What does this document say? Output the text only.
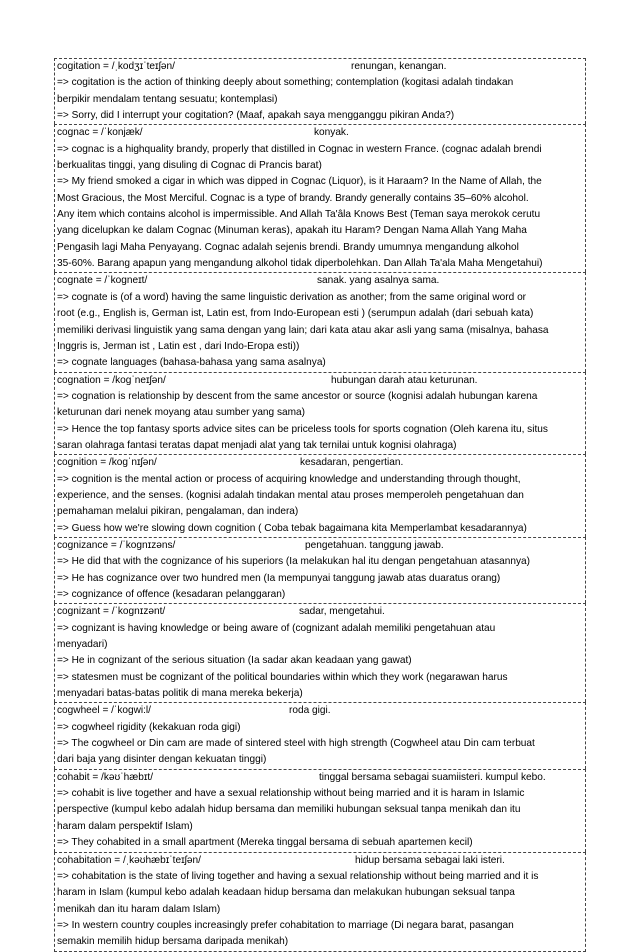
cogitation = /ˌkodʒɪˈteɪʃən/	renungan, kenangan.
=> cogitation is the action of thinking deeply about something; contemplation (kogitasi adalah tindakan
berpikir mendalam tentang sesuatu; kontemplasi)
=> Sorry, did I interrupt your cogitation? (Maaf, apakah saya mengganggu pikiran Anda?)
cognac = /ˈkonjæk/	konyak.
=> cognac is a highquality brandy, properly that distilled in Cognac in western France. (cognac adalah brendi
berkualitas tinggi, yang disuling di Cognac di Prancis barat)
=> My friend smoked a cigar in which was dipped in Cognac (Liquor), is it Haraam? In the Name of Allah, the
Most Gracious, the Most Merciful. Cognac is a type of brandy. Brandy generally contains 35–60% alcohol.
Any item which contains alcohol is impermissible. And Allah Ta'âla Knows Best (Teman saya merokok cerutu
yang dicelupkan ke dalam Cognac (Minuman keras), apakah itu Haram? Dengan Nama Allah Yang Maha
Pengasih lagi Maha Penyayang. Cognac adalah sejenis brendi. Brandy umumnya mengandung alkohol
35-60%. Barang apapun yang mengandung alkohol tidak diperbolehkan. Dan Allah Ta'ala Maha Mengetahui)
cognate = /ˈkogneɪt/	sanak. yang asalnya sama.
=> cognate is (of a word) having the same linguistic derivation as another; from the same original word or
root (e.g., English is, German ist, Latin est, from Indo-European esti ) (serumpun adalah (dari sebuah kata)
memiliki derivasi linguistik yang sama dengan yang lain; dari kata atau akar asli yang sama (misalnya, bahasa
Inggris is, Jerman ist , Latin est , dari Indo-Eropa esti))
=> cognate languages (bahasa-bahasa yang sama asalnya)
cognation = /kogˈneɪʃən/	hubungan darah atau keturunan.
=> cognation is relationship by descent from the same ancestor or source (kognisi adalah hubungan karena
keturunan dari nenek moyang atau sumber yang sama)
=> Hence the top fantasy sports advice sites can be priceless tools for sports cognation (Oleh karena itu, situs
saran olahraga fantasi teratas dapat menjadi alat yang tak ternilai untuk kognisi olahraga)
cognition = /kogˈnɪʃən/	kesadaran, pengertian.
=> cognition is the mental action or process of acquiring knowledge and understanding through thought,
experience, and the senses. (kognisi adalah tindakan mental atau proses memperoleh pengetahuan dan
pemahaman melalui pikiran, pengalaman, dan indera)
=> Guess how we're slowing down cognition ( Coba tebak bagaimana kita Memperlambat kesadarannya)
cognizance = /ˈkognɪzəns/	pengetahuan. tanggung jawab.
=> He did that with the cognizance of his superiors (Ia melakukan hal itu dengan pengetahuan atasannya)
=> He has cognizance over two hundred men (Ia mempunyai tanggung jawab atas duaratus orang)
=> cognizance of offence (kesadaran pelanggaran)
cognizant = /ˈkognɪzənt/	sadar, mengetahui.
=> cognizant is having knowledge or being aware of (cognizant adalah memiliki pengetahuan atau
menyadari)
=> He in cognizant of the serious situation (Ia sadar akan keadaan yang gawat)
=> statesmen must be cognizant of the political boundaries within which they work (negarawan harus
menyadari batas-batas politik di mana mereka bekerja)
cogwheel = /ˈkogwi:l/	roda gigi.
=> cogwheel rigidity (kekakuan roda gigi)
=> The cogwheel or Din cam are made of sintered steel with high strength (Cogwheel atau Din cam terbuat
dari baja yang disinter dengan kekuatan tinggi)
cohabit = /kəʊˈhæbɪt/	tinggal bersama sebagai suamiisteri. kumpul kebo.
=> cohabit is live together and have a sexual relationship without being married and it is haram in Islamic
perspective (kumpul kebo adalah hidup bersama dan memiliki hubungan seksual tanpa menikah dan itu
haram dalam perspektif Islam)
=> They cohabited in a small apartment (Mereka tinggal bersama di sebuah apartemen kecil)
cohabitation = /ˌkəʊhæbɪˈteɪʃən/	hidup bersama sebagai laki isteri.
=> cohabitation is the state of living together and having a sexual relationship without being married and it is
haram in Islam (kumpul kebo adalah keadaan hidup bersama dan melakukan hubungan seksual tanpa
menikah dan itu haram dalam Islam)
=> In western country couples increasingly prefer cohabitation to marriage (Di negara barat, pasangan
semakin memilih hidup bersama daripada menikah)
